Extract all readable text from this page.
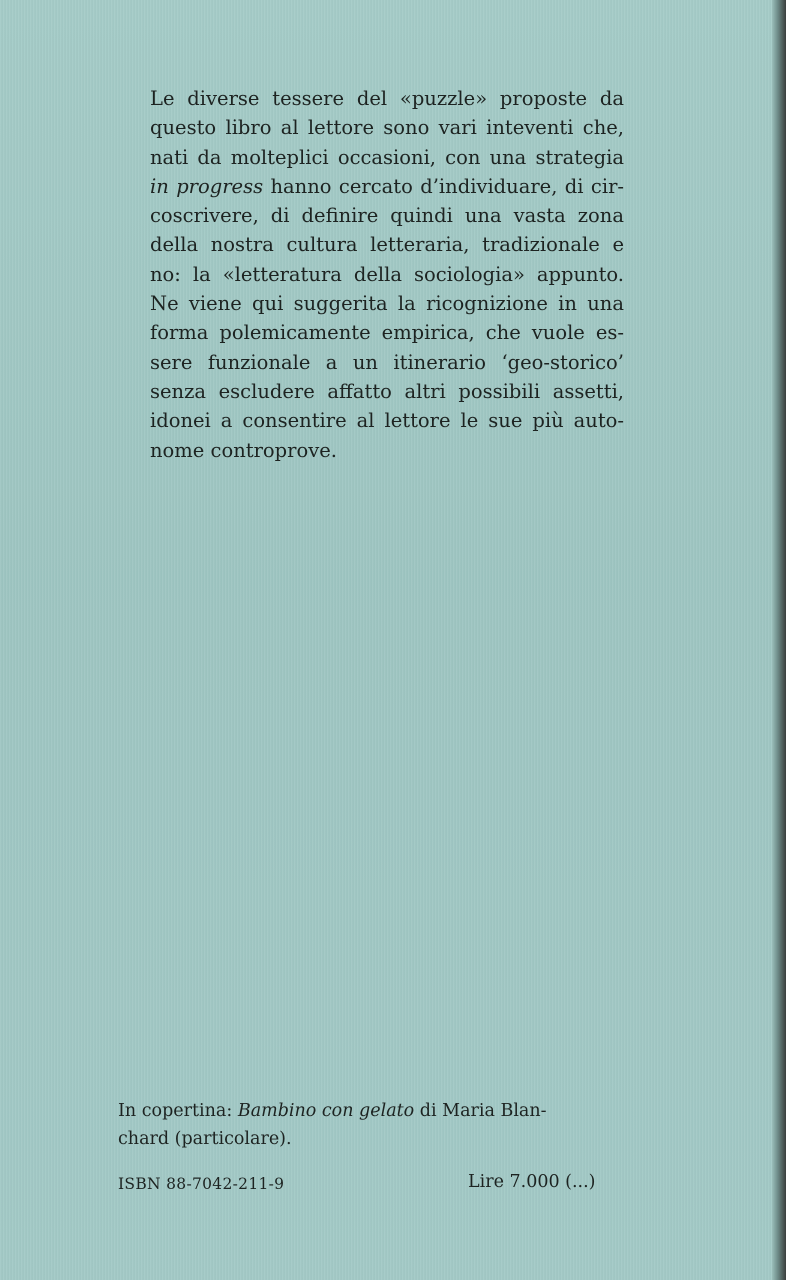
Le diverse tessere del «puzzle» proposte da
questo libro al lettore sono vari inteventi che,
nati da molteplici occasioni, con una strategia
in progress hanno cercato d’individuare, di cir-
coscrivere, di definire quindi una vasta zona
della nostra cultura letteraria, tradizionale e
no: la «letteratura della sociologia» appunto.
Ne viene qui suggerita la ricognizione in una
forma polemicamente empirica, che vuole es-
sere funzionale a un itinerario ‘geo-storico’
senza escludere affatto altri possibili assetti,
idonei a consentire al lettore le sue più auto-
nome controprove.
In copertina: Bambino con gelato di Maria Blan-
chard (particolare).
ISBN 88-7042-211-9	Lire 7.000 (...)
